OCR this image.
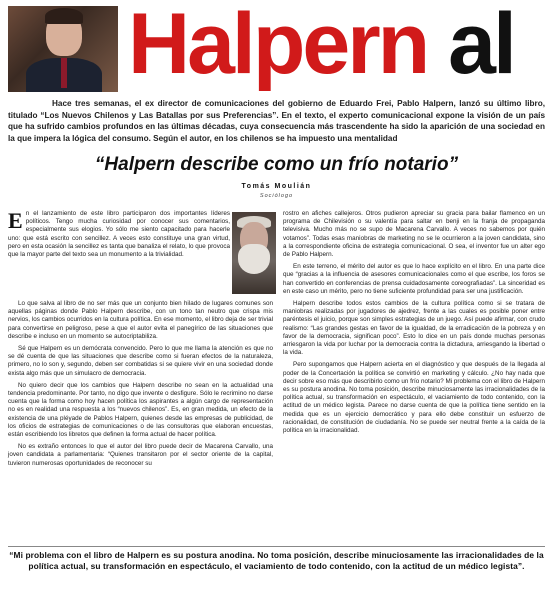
Halpern al
Hace tres semanas, el ex director de comunicaciones del gobierno de Eduardo Frei, Pablo Halpern, lanzó su último libro, titulado “Los Nuevos Chilenos y Las Batallas por sus Preferencias”. En el texto, el experto comunicacional expone la visión de un país que ha sufrido cambios profundos en las últimas décadas, cuya consecuencia más trascendente ha sido la aparición de una sociedad en la que impera la lógica del consumo. Según el autor, en los chilenos se ha impuesto una mentalidad
“Halpern describe como un frío notario”
Tomás Moulián
Sociólogo

En el lanzamiento de este libro participaron dos importantes líderes políticos. Tengo mucha curiosidad por conocer sus comentarios, especialmente sus elogios. Yo sólo me siento capacitado para hacerle uno: que está escrito con sencillez. A veces esto constituye una gran virtud, pero en esta ocasión la sencillez es tanta que banaliza el relato, lo que provoca que la mayor parte del texto sea un monumento a la trivialidad.

Lo que salva al libro de no ser más que un conjunto bien hilado de lugares comunes son aquellas páginas donde Pablo Halpern describe, con un tono tan neutro que crispa mis nervios, los cambios ocurridos en la cultura política. En ese momento, el libro deja de ser trivial para convertirse en peligroso, pese a que el autor evita el panegírico de las situaciones que describe e incluso en un momento se autocriptabiliza.

Sé que Halpern es un demócrata convencido. Pero lo que me llama la atención es que no se dé cuenta de que las situaciones que describe como si fueran efectos de la naturaleza, primero, no lo son y, segundo, deben ser combatidas si se quiere vivir en una sociedad donde exista algo más que un simulacro de democracia.

No quiero decir que los cambios que Halpern describe no sean en la actualidad una tendencia predominante. Por tanto, no digo que invente o desfigure. Sólo le recrimino no darse cuenta que la forma como hoy hacen política los aspirantes a algún cargo de representación no es en realidad una respuesta a los “nuevos chilenos”. Es, en gran medida, un efecto de la existencia de una pléyade de Pablos Halpern, quienes desde las empresas de publicidad, de los oficios de estrategias de comunicaciones o de las consultoras que elaboran encuestas, están escribiendo los libretos que definen la forma actual de hacer política.

No es extraño entonces lo que el autor del libro puede decir de Macarena Carvallo, una joven candidata a parlamentaria: “Quienes transitaron por el sector oriente de la capital, tuvieron numerosas oportunidades de reconocer su

rostro en afiches callejeros. Otros pudieron apreciar su gracia para bailar flamenco en un programa de Chilevisión o su valentía para saltar en benji en la franja de propaganda televisiva. Mucho más no se supo de Macarena Carvallo. A veces no sabemos por quién votamos”. Todas esas maniobras de marketing no se le ocurrieron a la joven candidata, sino a la correspondiente oficina de estrategia comunicacional. O sea, el inventor fue un alter ego de Pablo Halpern.

En este terreno, el mérito del autor es que lo hace explícito en el libro. En una parte dice que “gracias a la influencia de asesores comunicacionales como el que escribe, los foros se han convertido en conferencias de prensa cuidadosamente coreografiadas”. La sinceridad es en este caso un mérito, pero no tiene suficiente profundidad para ser una justificación.

Halpern describe todos estos cambios de la cultura política como si se tratara de maniobras realizadas por jugadores de ajedrez, frente a las cuales es posible poner entre paréntesis el juicio, porque son simples estrategias de un juego. Así puede afirmar, con crudo realismo: “Las grandes gestas en favor de la igualdad, de la erradicación de la pobreza y en favor de la democracia, significan poco”. Esto lo dice en un país donde muchas personas arriesgaron la vida por luchar por la democracia contra la dictadura, arriesgando la libertad o la vida.

Pero supongamos que Halpern acierta en el diagnóstico y que después de la llegada al poder de la Concertación la política se convirtió en marketing y cálculo. ¿No hay nada que decir sobre eso más que describirlo como un frío notario? Mi problema con el libro de Halpern es su postura anodina. No toma posición, describe minuciosamente las irracionalidades de la política actual, su transformación en espectáculo, el vaciamiento de todo contenido, con la actitud de un médico legista. Parece no darse cuenta de que la política tiene sentido en la medida que es un ejercicio democrático y para ello debe constituir un esfuerzo de racionalidad, de constitución de ciudadanía. No se puede ser neutral frente a la caída de la política en la irracionalidad.

“Mi problema con el libro de Halpern es su postura anodina. No toma posición, describe minuciosamente las irracionalidades de la política actual, su transformación en espectáculo, el vaciamiento de todo contenido, con la actitud de un médico legista”.
